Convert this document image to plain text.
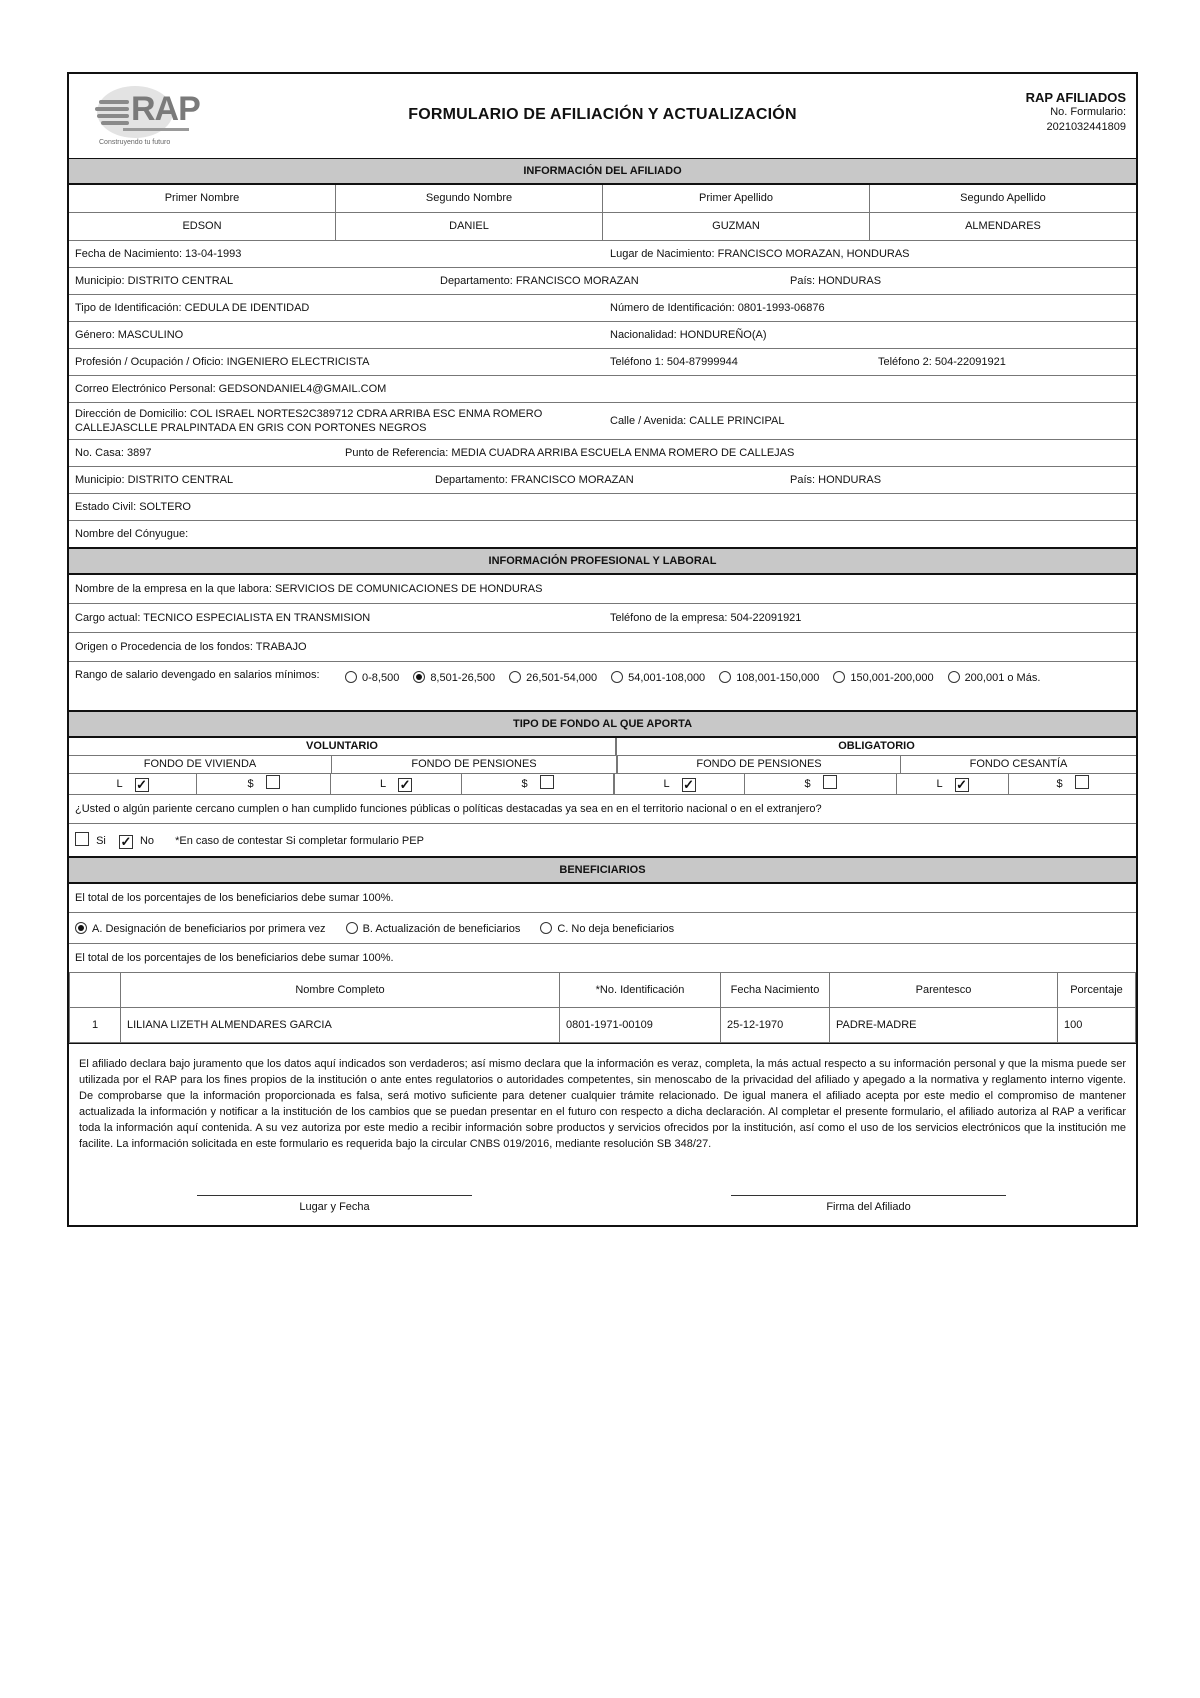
RAP
Construyendo tu futuro
FORMULARIO DE AFILIACIÓN Y ACTUALIZACIÓN
RAP AFILIADOS
No. Formulario:
2021032441809
INFORMACIÓN DEL AFILIADO
Primer Nombre	Segundo Nombre	Primer Apellido	Segundo Apellido
EDSON	DANIEL	GUZMAN	ALMENDARES
Fecha de Nacimiento: 13-04-1993	Lugar de Nacimiento: FRANCISCO MORAZAN, HONDURAS
Municipio: DISTRITO CENTRAL	Departamento: FRANCISCO MORAZAN	País: HONDURAS
Tipo de Identificación: CEDULA DE IDENTIDAD	Número de Identificación: 0801-1993-06876
Género: MASCULINO	Nacionalidad: HONDUREÑO(A)
Profesión / Ocupación / Oficio: INGENIERO ELECTRICISTA	Teléfono 1: 504-87999944	Teléfono 2: 504-22091921
Correo Electrónico Personal: GEDSONDANIEL4@GMAIL.COM
Dirección de Domicilio: COL ISRAEL NORTES2C389712 CDRA ARRIBA ESC ENMA ROMERO CALLEJASCLLE PRALPINTADA EN GRIS CON PORTONES NEGROS
Calle / Avenida: CALLE PRINCIPAL
No. Casa: 3897	Punto de Referencia: MEDIA CUADRA ARRIBA ESCUELA ENMA ROMERO DE CALLEJAS
Municipio: DISTRITO CENTRAL	Departamento: FRANCISCO MORAZAN	País: HONDURAS
Estado Civil: SOLTERO
Nombre del Cónyugue:
INFORMACIÓN PROFESIONAL Y LABORAL
Nombre de la empresa en la que labora: SERVICIOS DE COMUNICACIONES DE HONDURAS
Cargo actual: TECNICO ESPECIALISTA EN TRANSMISION	Teléfono de la empresa: 504-22091921
Origen o Procedencia de los fondos: TRABAJO
Rango de salario devengado en salarios mínimos:	0-8,500	8,501-26,500	26,501-54,000	54,001-108,000	108,001-150,000	150,001-200,000	200,001 o Más.
TIPO DE FONDO AL QUE APORTA
VOLUNTARIO	OBLIGATORIO
FONDO DE VIVIENDA	FONDO DE PENSIONES	FONDO DE PENSIONES	FONDO CESANTÍA
L ✓	$	L ✓	$	L ✓	$	L ✓	$
¿Usted o algún pariente cercano cumplen o han cumplido funciones públicas o políticas destacadas ya sea en en el territorio nacional o en el extranjero?
Si ✓ No *En caso de contestar Si completar formulario PEP
BENEFICIARIOS
El total de los porcentajes de los beneficiarios debe sumar 100%.
A. Designación de beneficiarios por primera vez	B. Actualización de beneficiarios	C. No deja beneficiarios
El total de los porcentajes de los beneficiarios debe sumar 100%.
	Nombre Completo	*No. Identificación	Fecha Nacimiento	Parentesco	Porcentaje
1	LILIANA LIZETH ALMENDARES GARCIA	0801-1971-00109	25-12-1970	PADRE-MADRE	100
El afiliado declara bajo juramento que los datos aquí indicados son verdaderos; así mismo declara que la información es veraz, completa, la más actual respecto a su información personal y que la misma puede ser utilizada por el RAP para los fines propios de la institución o ante entes regulatorios o autoridades competentes, sin menoscabo de la privacidad del afiliado y apegado a la normativa y reglamento interno vigente. De comprobarse que la información proporcionada es falsa, será motivo suficiente para detener cualquier trámite relacionado. De igual manera el afiliado acepta por este medio el compromiso de mantener actualizada la información y notificar a la institución de los cambios que se puedan presentar en el futuro con respecto a dicha declaración. Al completar el presente formulario, el afiliado autoriza al RAP a verificar toda la información aquí contenida. A su vez autoriza por este medio a recibir información sobre productos y servicios ofrecidos por la institución, así como el uso de los servicios electrónicos que la institución me facilite. La información solicitada en este formulario es requerida bajo la circular CNBS 019/2016, mediante resolución SB 348/27.
Lugar y Fecha	Firma del Afiliado
